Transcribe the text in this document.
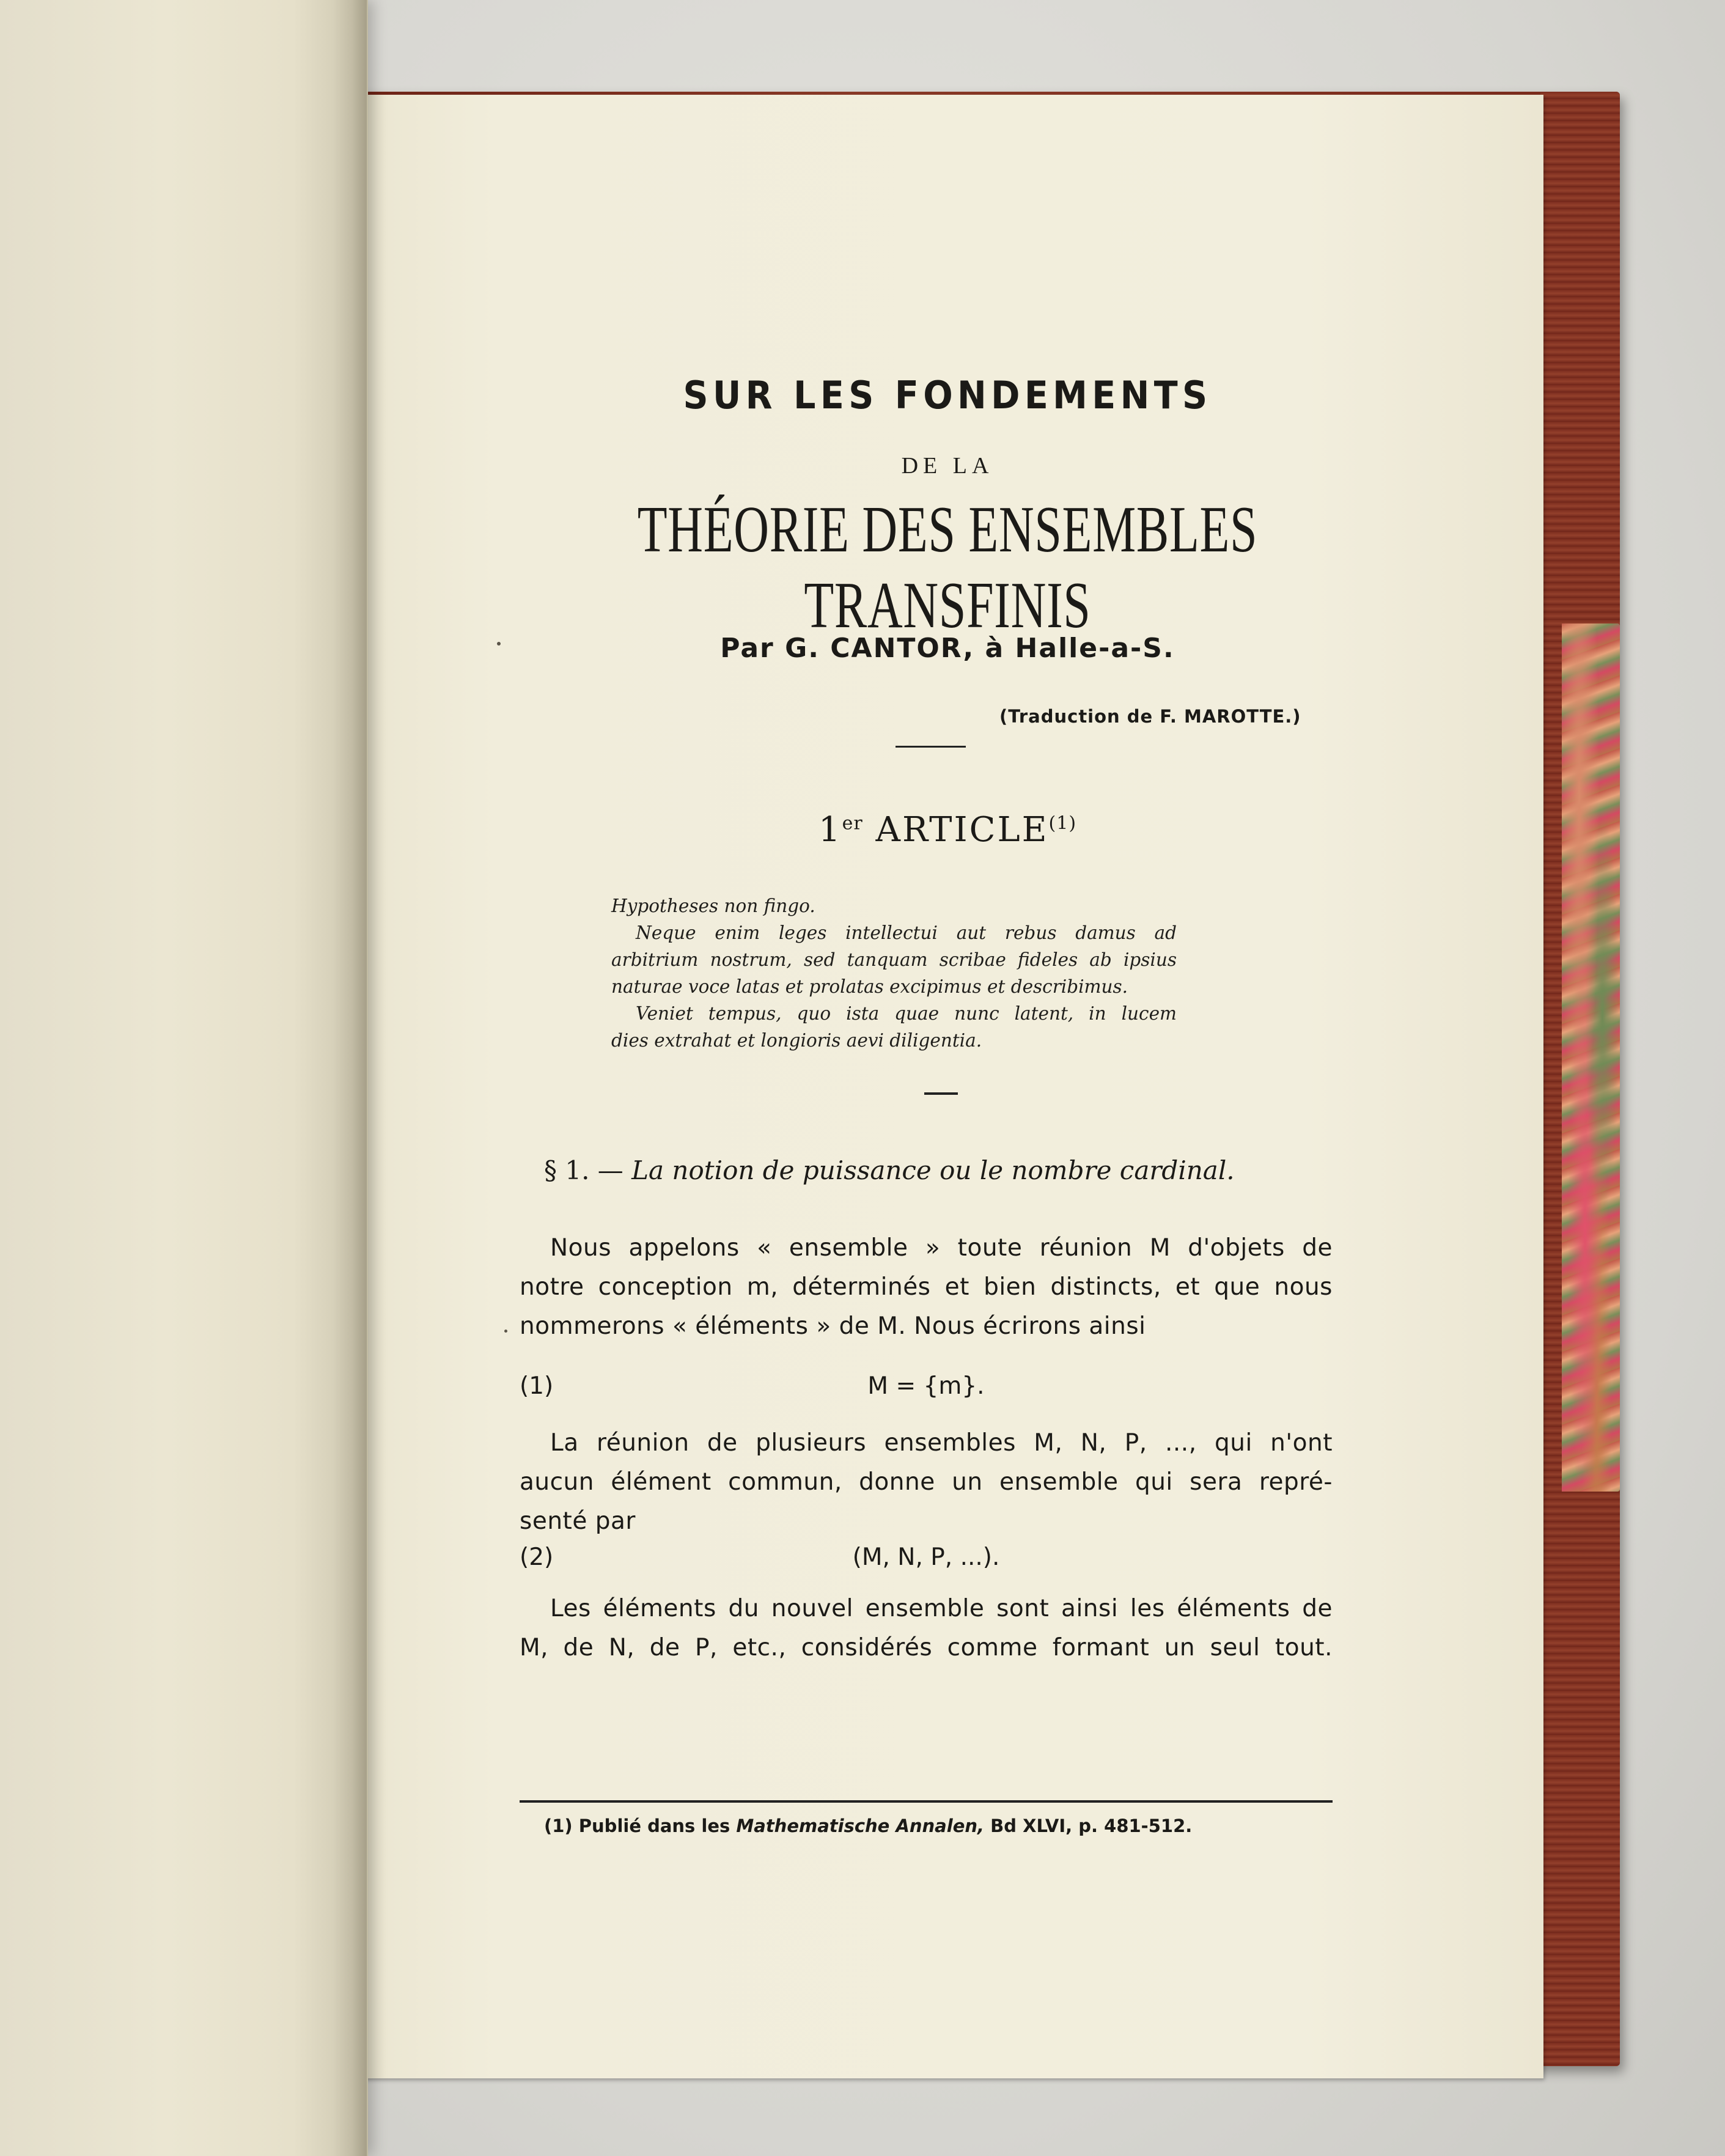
SUR LES FONDEMENTS
DE LA
THÉORIE DES ENSEMBLES TRANSFINIS
Par G. CANTOR, à Halle-a-S.
(Traduction de F. MAROTTE.)
1er ARTICLE$^{(1)}$
Hypotheses non fingo.
Neque enim leges intellectui aut rebus damus ad
arbitrium nostrum, sed tanquam scribae fideles ab ipsius
naturae voce latas et prolatas excipimus et describimus.
Veniet tempus, quo ista quae nunc latent, in lucem
dies extrahat et longioris aevi diligentia.
§ 1. — La notion de puissance ou le nombre cardinal.
Nous appelons « ensemble » toute réunion M d'objets de
notre conception m, déterminés et bien distincts, et que nous
nommerons « éléments » de M. Nous écrirons ainsi
(1)	M = {m}.
La réunion de plusieurs ensembles M, N, P, ..., qui n'ont
aucun élément commun, donne un ensemble qui sera repré-
senté par
(2)	(M, N, P, ...).
Les éléments du nouvel ensemble sont ainsi les éléments de
M, de N, de P, etc., considérés comme formant un seul tout.
(1) Publié dans les Mathematische Annalen, Bd XLVI, p. 481-512.
